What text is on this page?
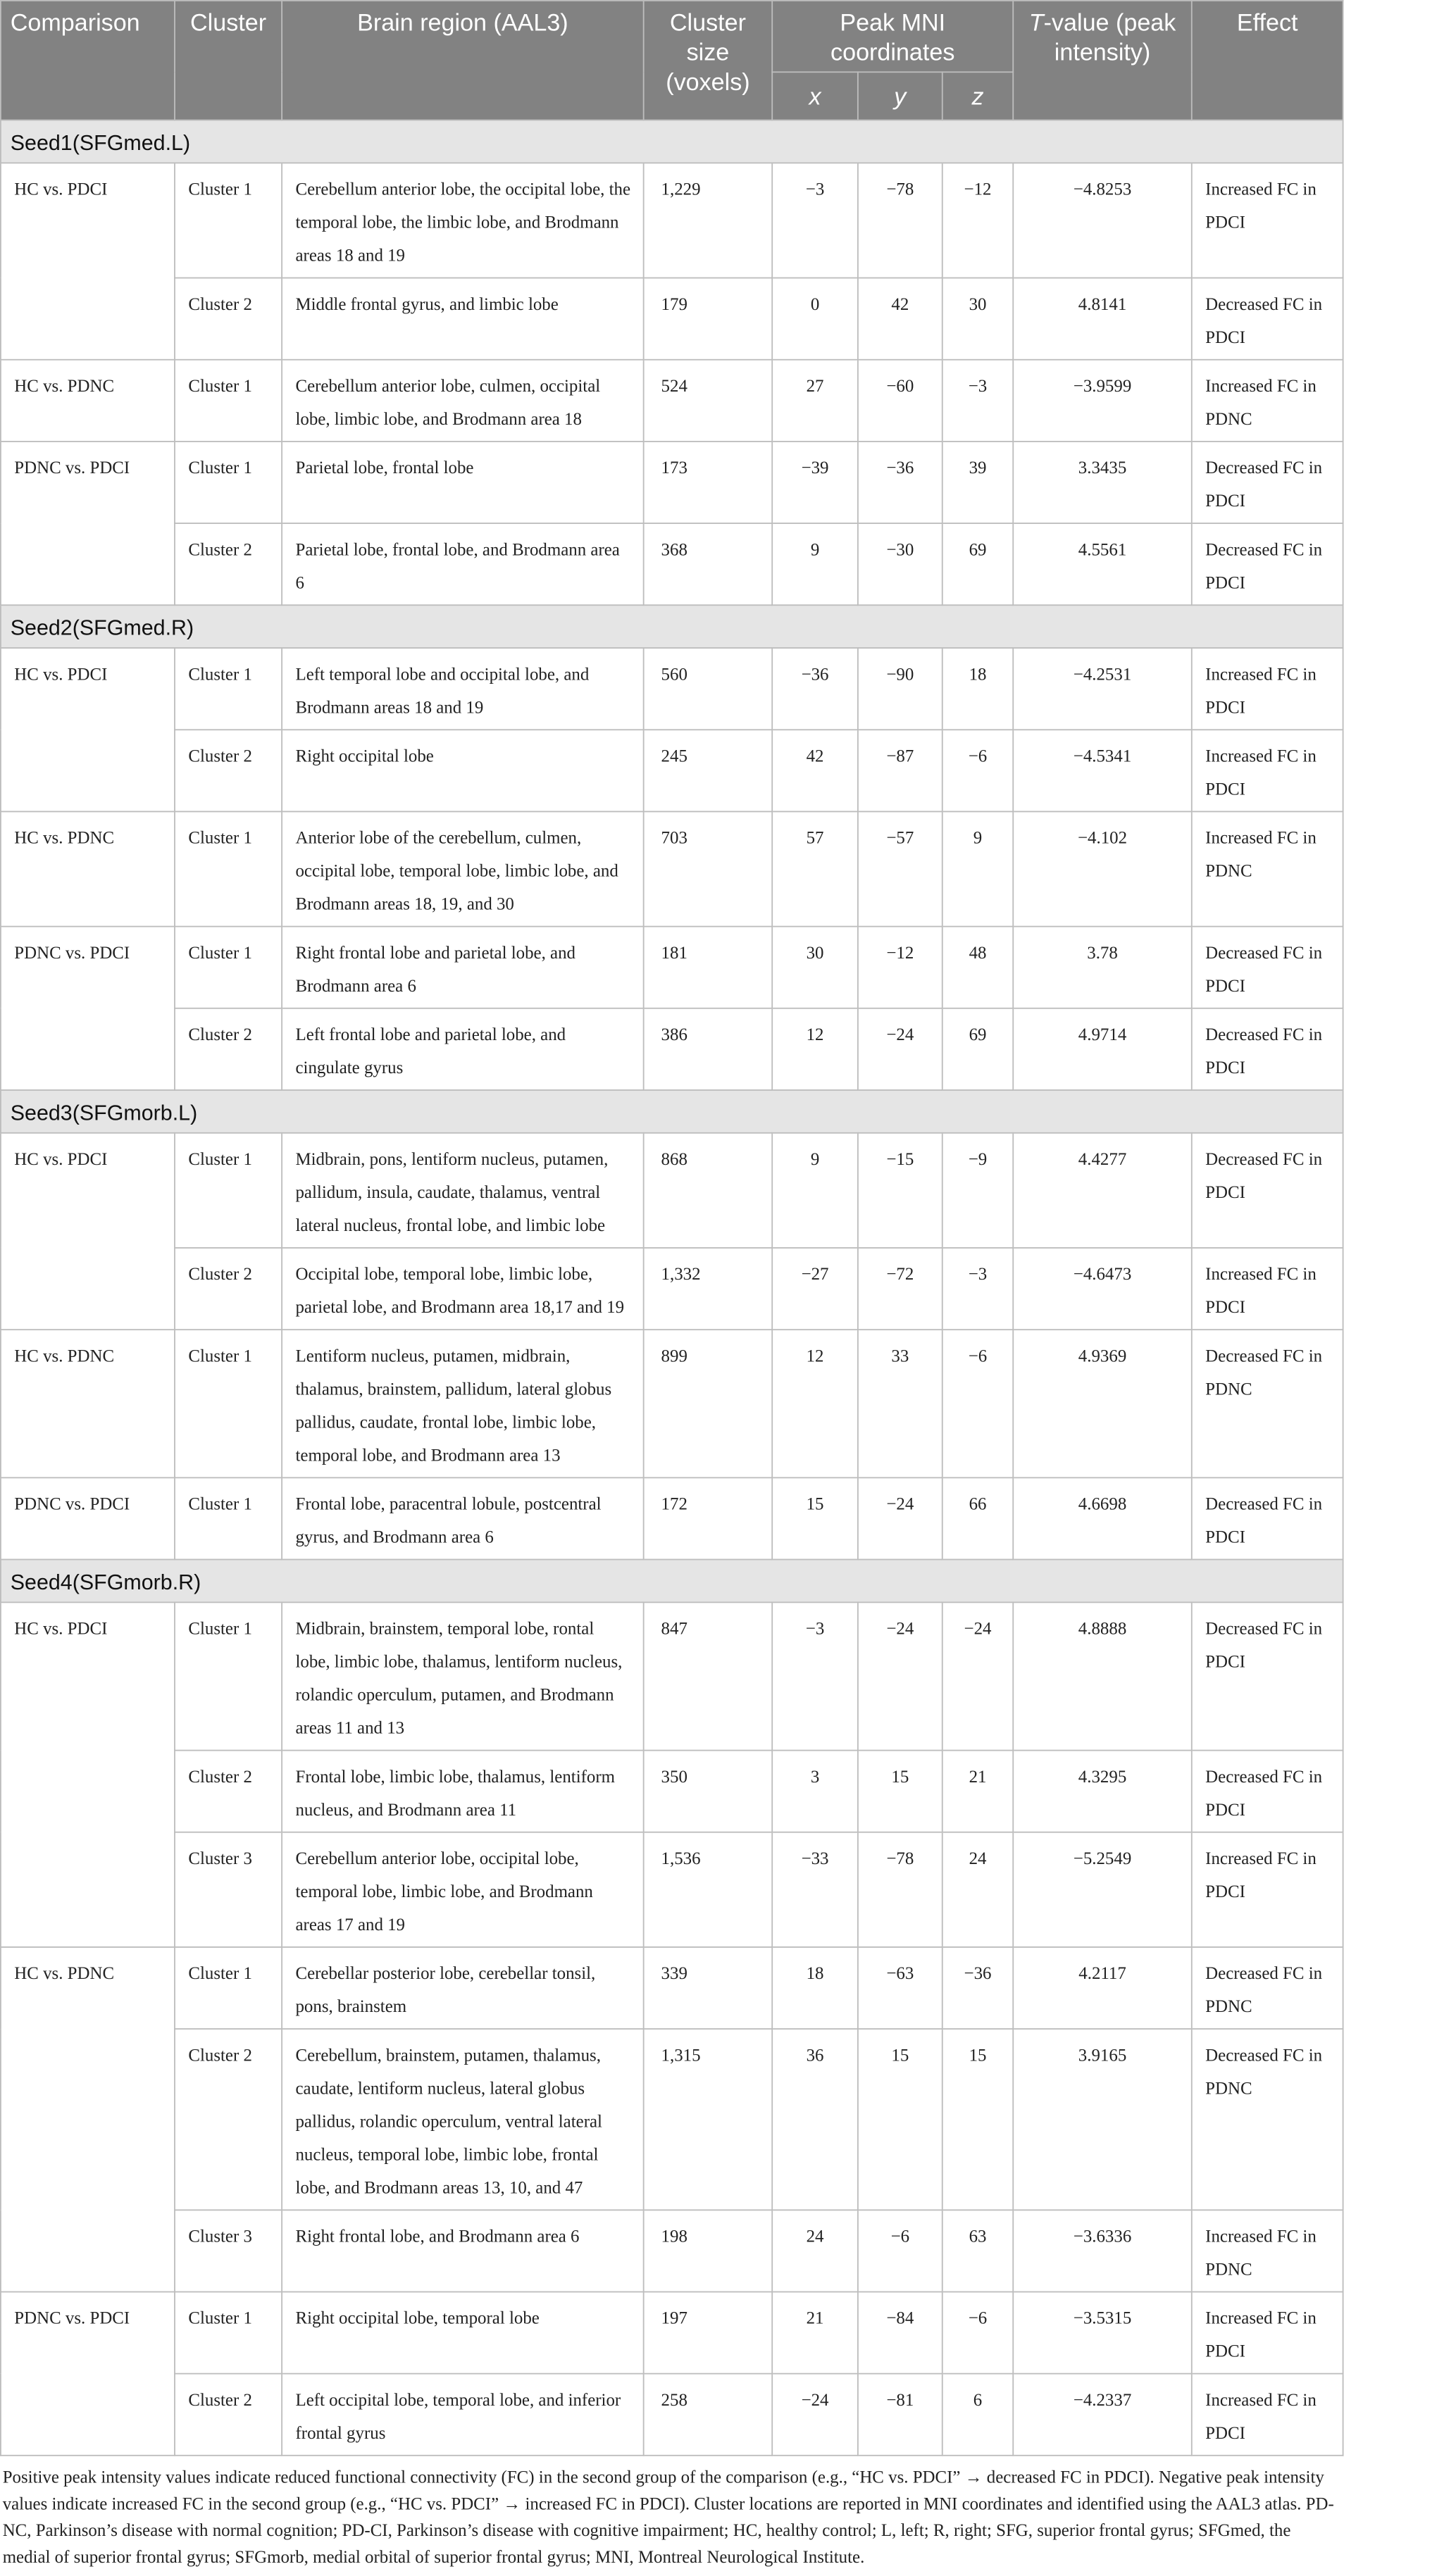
Comparison	Cluster	Brain region (AAL3)	Cluster size (voxels)	Peak MNI coordinates			T-value (peak intensity)	Effect
				x	y	z		
Seed1(SFGmed.L)								
HC vs. PDCI	Cluster 1	Cerebellum anterior lobe, the occipital lobe, the temporal lobe, the limbic lobe, and Brodmann areas 18 and 19	1,229	−3	−78	−12	−4.8253	Increased FC in PDCI
	Cluster 2	Middle frontal gyrus, and limbic lobe	179	0	42	30	4.8141	Decreased FC in PDCI
HC vs. PDNC	Cluster 1	Cerebellum anterior lobe, culmen, occipital lobe, limbic lobe, and Brodmann area 18	524	27	−60	−3	−3.9599	Increased FC in PDNC
PDNC vs. PDCI	Cluster 1	Parietal lobe, frontal lobe	173	−39	−36	39	3.3435	Decreased FC in PDCI
	Cluster 2	Parietal lobe, frontal lobe, and Brodmann area 6	368	9	−30	69	4.5561	Decreased FC in PDCI
Seed2(SFGmed.R)								
HC vs. PDCI	Cluster 1	Left temporal lobe and occipital lobe, and Brodmann areas 18 and 19	560	−36	−90	18	−4.2531	Increased FC in PDCI
	Cluster 2	Right occipital lobe	245	42	−87	−6	−4.5341	Increased FC in PDCI
HC vs. PDNC	Cluster 1	Anterior lobe of the cerebellum, culmen, occipital lobe, temporal lobe, limbic lobe, and Brodmann areas 18, 19, and 30	703	57	−57	9	−4.102	Increased FC in PDNC
PDNC vs. PDCI	Cluster 1	Right frontal lobe and parietal lobe, and Brodmann area 6	181	30	−12	48	3.78	Decreased FC in PDCI
	Cluster 2	Left frontal lobe and parietal lobe, and cingulate gyrus	386	12	−24	69	4.9714	Decreased FC in PDCI
Seed3(SFGmorb.L)								
HC vs. PDCI	Cluster 1	Midbrain, pons, lentiform nucleus, putamen, pallidum, insula, caudate, thalamus, ventral lateral nucleus, frontal lobe, and limbic lobe	868	9	−15	−9	4.4277	Decreased FC in PDCI
	Cluster 2	Occipital lobe, temporal lobe, limbic lobe, parietal lobe, and Brodmann area 18,17 and 19	1,332	−27	−72	−3	−4.6473	Increased FC in PDCI
HC vs. PDNC	Cluster 1	Lentiform nucleus, putamen, midbrain, thalamus, brainstem, pallidum, lateral globus pallidus, caudate, frontal lobe, limbic lobe, temporal lobe, and Brodmann area 13	899	12	33	−6	4.9369	Decreased FC in PDNC
PDNC vs. PDCI	Cluster 1	Frontal lobe, paracentral lobule, postcentral gyrus, and Brodmann area 6	172	15	−24	66	4.6698	Decreased FC in PDCI
Seed4(SFGmorb.R)								
HC vs. PDCI	Cluster 1	Midbrain, brainstem, temporal lobe, rontal lobe, limbic lobe, thalamus, lentiform nucleus, rolandic operculum, putamen, and Brodmann areas 11 and 13	847	−3	−24	−24	4.8888	Decreased FC in PDCI
	Cluster 2	Frontal lobe, limbic lobe, thalamus, lentiform nucleus, and Brodmann area 11	350	3	15	21	4.3295	Decreased FC in PDCI
	Cluster 3	Cerebellum anterior lobe, occipital lobe, temporal lobe, limbic lobe, and Brodmann areas 17 and 19	1,536	−33	−78	24	−5.2549	Increased FC in PDCI
HC vs. PDNC	Cluster 1	Cerebellar posterior lobe, cerebellar tonsil, pons, brainstem	339	18	−63	−36	4.2117	Decreased FC in PDNC
	Cluster 2	Cerebellum, brainstem, putamen, thalamus, caudate, lentiform nucleus, lateral globus pallidus, rolandic operculum, ventral lateral nucleus, temporal lobe, limbic lobe, frontal lobe, and Brodmann areas 13, 10, and 47	1,315	36	15	15	3.9165	Decreased FC in PDNC
	Cluster 3	Right frontal lobe, and Brodmann area 6	198	24	−6	63	−3.6336	Increased FC in PDNC
PDNC vs. PDCI	Cluster 1	Right occipital lobe, temporal lobe	197	21	−84	−6	−3.5315	Increased FC in PDCI
	Cluster 2	Left occipital lobe, temporal lobe, and inferior frontal gyrus	258	−24	−81	6	−4.2337	Increased FC in PDCI
Positive peak intensity values indicate reduced functional connectivity (FC) in the second group of the comparison (e.g., “HC vs. PDCI” → decreased FC in PDCI). Negative peak intensity values indicate increased FC in the second group (e.g., “HC vs. PDCI” → increased FC in PDCI). Cluster locations are reported in MNI coordinates and identified using the AAL3 atlas. PD-NC, Parkinson’s disease with normal cognition; PD-CI, Parkinson’s disease with cognitive impairment; HC, healthy control; L, left; R, right; SFG, superior frontal gyrus; SFGmed, the medial of superior frontal gyrus; SFGmorb, medial orbital of superior frontal gyrus; MNI, Montreal Neurological Institute.
